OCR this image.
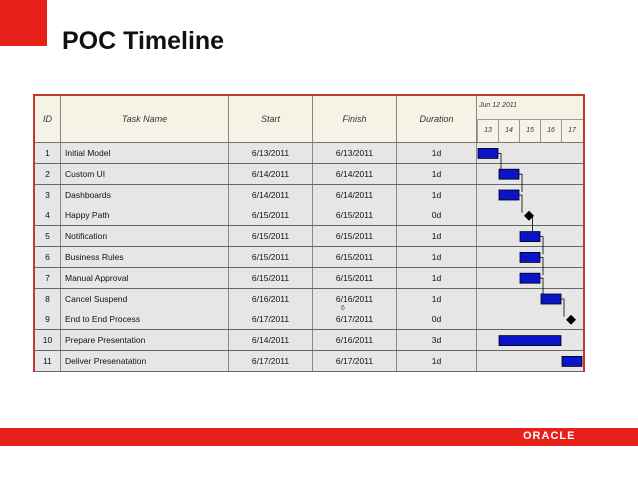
POC Timeline
ID	Task Name	Start	Finish	Duration
Jun 12 2011
13	14	15	16	17
1	Initial Model	6/13/2011	6/13/2011	1d
2	Custom UI	6/14/2011	6/14/2011	1d
3	Dashboards	6/14/2011	6/14/2011	1d
4	Happy Path	6/15/2011	6/15/2011	0d
5	Notification	6/15/2011	6/15/2011	1d
6	Business Rules	6/15/2011	6/15/2011	1d
7	Manual Approval	6/15/2011	6/15/2011	1d
8	Cancel Suspend	6/16/2011	6/16/2011	1d
9	End to End Process	6/17/2011	6/17/2011	0d
10	Prepare Presentation	6/14/2011	6/16/2011	3d
11	Deliver Presenatation	6/17/2011	6/17/2011	1d
6
ORACLE
